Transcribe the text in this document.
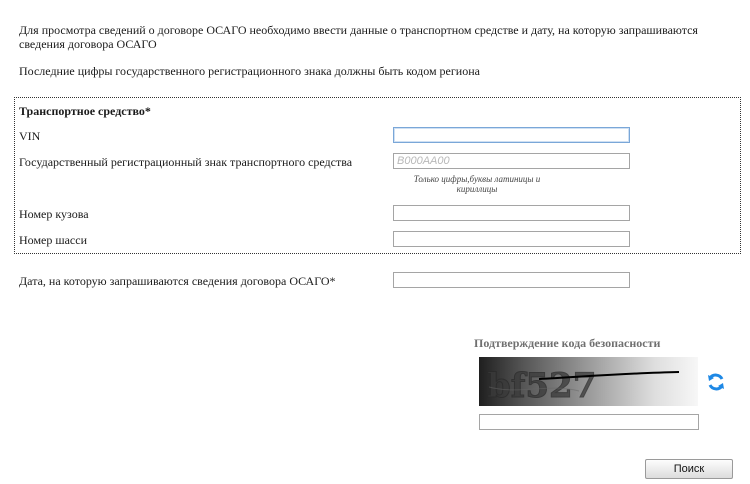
Для просмотра сведений о договоре ОСАГО необходимо ввести данные о транспортном средстве и дату, на которую запрашиваются сведения договора ОСАГО
Последние цифры государственного регистрационного знака должны быть кодом региона
Транспортное средство*
VIN
Государственный регистрационный знак транспортного средства
В000АА00
Только цифры,буквы латиницы и кириллицы
Номер кузова
Номер шасси
Дата, на которую запрашиваются сведения договора ОСАГО*
Подтверждение кода безопасности
bf527
Поиск
